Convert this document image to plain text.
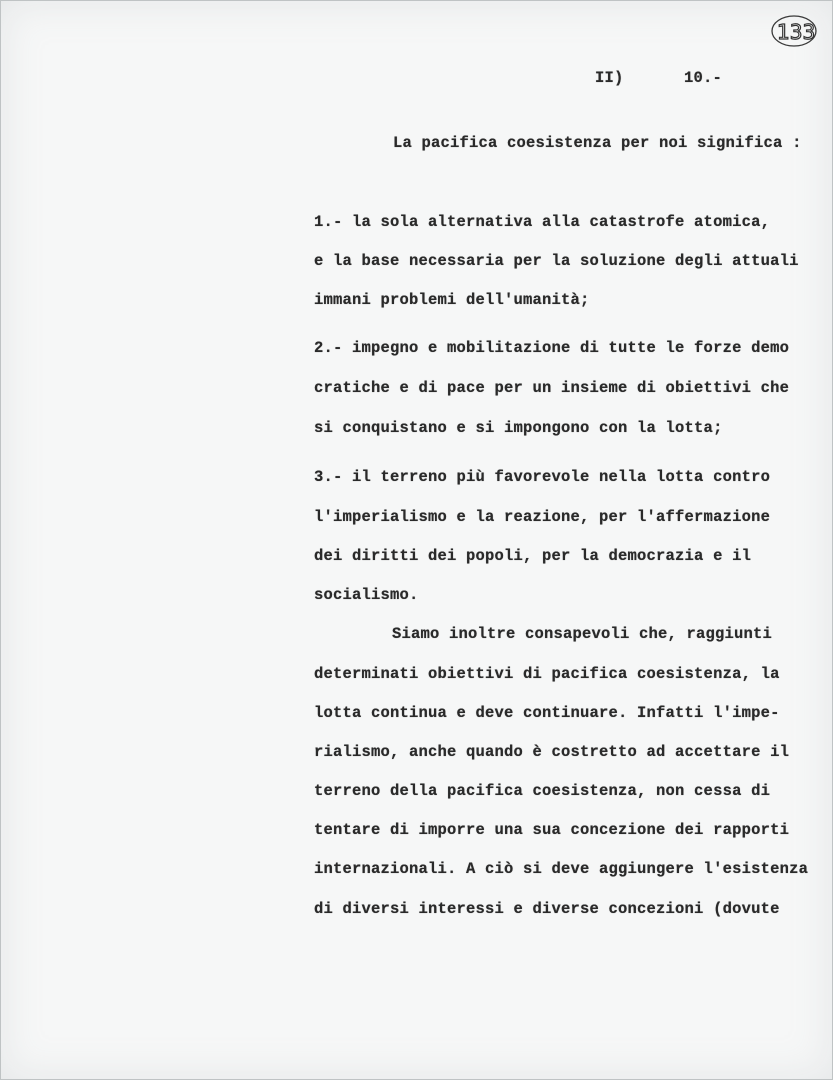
133
II)	10.-
La pacifica coesistenza per noi significa :
1.- la sola alternativa alla catastrofe atomica,
e la base necessaria per la soluzione degli attuali
immani problemi dell'umanità;
2.- impegno e mobilitazione di tutte le forze demo
cratiche e di pace per un insieme di obiettivi che
si conquistano e si impongono con la lotta;
3.- il terreno più favorevole nella lotta contro
l'imperialismo e la reazione, per l'affermazione
dei diritti dei popoli, per la democrazia e il
socialismo.
Siamo inoltre consapevoli che, raggiunti
determinati obiettivi di pacifica coesistenza, la
lotta continua e deve continuare. Infatti l'impe-
rialismo, anche quando è costretto ad accettare il
terreno della pacifica coesistenza, non cessa di
tentare di imporre una sua concezione dei rapporti
internazionali. A ciò si deve aggiungere l'esistenza
di diversi interessi e diverse concezioni (dovute
